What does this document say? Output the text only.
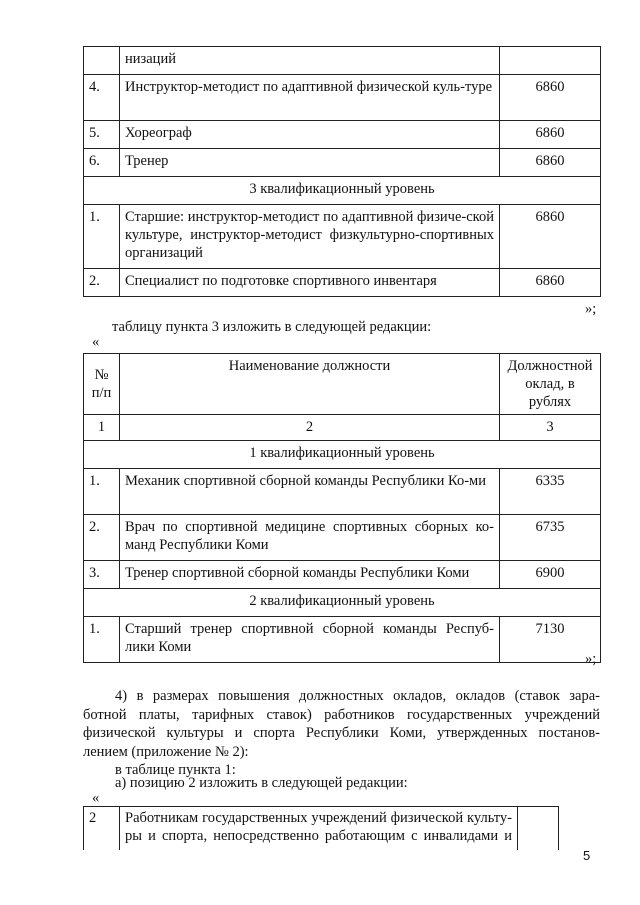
	низаций	
4.	Инструктор-методист по адаптивной физической куль-туре	6860
5.	Хореограф	6860
6.	Тренер	6860
3 квалификационный уровень		
1.	Старшие: инструктор-методист по адаптивной физиче-ской культуре, инструктор-методист физкультурно-спортивных организаций	6860
2.	Специалист по подготовке спортивного инвентаря	6860
»;
таблицу пункта 3 изложить в следующей редакции:
«
№ п/п	Наименование должности	Должностной оклад, в рублях
1	2	3
1 квалификационный уровень		
1.	Механик спортивной сборной команды Республики Ко-ми	6335
2.	Врач по спортивной медицине спортивных сборных ко-манд Республики Коми	6735
3.	Тренер спортивной сборной команды Республики Коми	6900
2 квалификационный уровень		
1.	Старший тренер спортивной сборной команды Респуб-лики Коми	7130
»;
4) в размерах повышения должностных окладов, окладов (ставок зара-
ботной платы, тарифных ставок) работников государственных учреждений
физической культуры и спорта Республики Коми, утвержденных постанов-
лением (приложение № 2):
в таблице пункта 1:
а) позицию 2 изложить в следующей редакции:
«
2	Работникам государственных учреждений физической культу-
ры и спорта, непосредственно работающим с инвалидами и

5
